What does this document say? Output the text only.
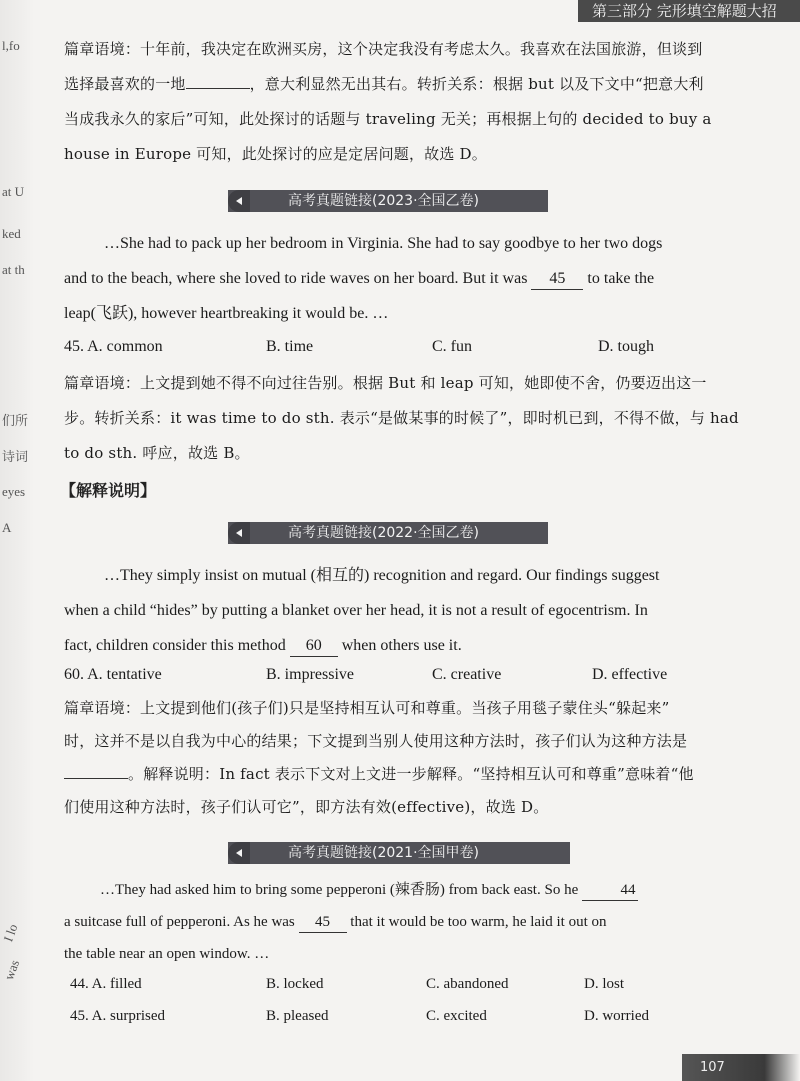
l,fo
at U
ked
at th
们所
诗词
eyes
A
I lo
was
第三部分 完形填空解题大招

篇章语境：十年前，我决定在欧洲买房，这个决定我没有考虑太久。我喜欢在法国旅游，但谈到

选择最喜欢的一地	，意大利显然无出其右。转折关系：根据 but 以及下文中“把意大利

当成我永久的家后”可知，此处探讨的话题与 traveling 无关；再根据上句的 decided to buy a

house in Europe 可知，此处探讨的应是定居问题，故选 D。

高考真题链接(2023·全国乙卷)

…She had to pack up her bedroom in Virginia. She had to say goodbye to her two dogs

and to the beach, where she loved to ride waves on her board. But it was 45 to take the

leap(飞跃), however heartbreaking it would be. …

45. A. common	B. time	C. fun	D. tough

篇章语境：上文提到她不得不向过往告别。根据 But 和 leap 可知，她即使不舍，仍要迈出这一

步。转折关系：it was time to do sth. 表示“是做某事的时候了”，即时机已到，不得不做，与 had

to do sth. 呼应，故选 B。

【解释说明】
高考真题链接(2022·全国乙卷)

…They simply insist on mutual (相互的) recognition and regard. Our findings suggest

when a child “hides” by putting a blanket over her head, it is not a result of egocentrism. In

fact, children consider this method 60 when others use it.

60. A. tentative	B. impressive	C. creative	D. effective

篇章语境：上文提到他们(孩子们)只是坚持相互认可和尊重。当孩子用毯子蒙住头“躲起来”

时，这并不是以自我为中心的结果；下文提到当别人使用这种方法时，孩子们认为这种方法是

。解释说明：In fact 表示下文对上文进一步解释。“坚持相互认可和尊重”意味着“他

们使用这种方法时，孩子们认可它”，即方法有效(effective)，故选 D。

高考真题链接(2021·全国甲卷)

…They had asked him to bring some pepperoni (辣香肠) from back east. So he	44

a suitcase full of pepperoni. As he was 45 that it would be too warm, he laid it out on

the table near an open window. …

44. A. filled	B. locked	C. abandoned	D. lost
45. A. surprised	B. pleased	C. excited	D. worried
107
